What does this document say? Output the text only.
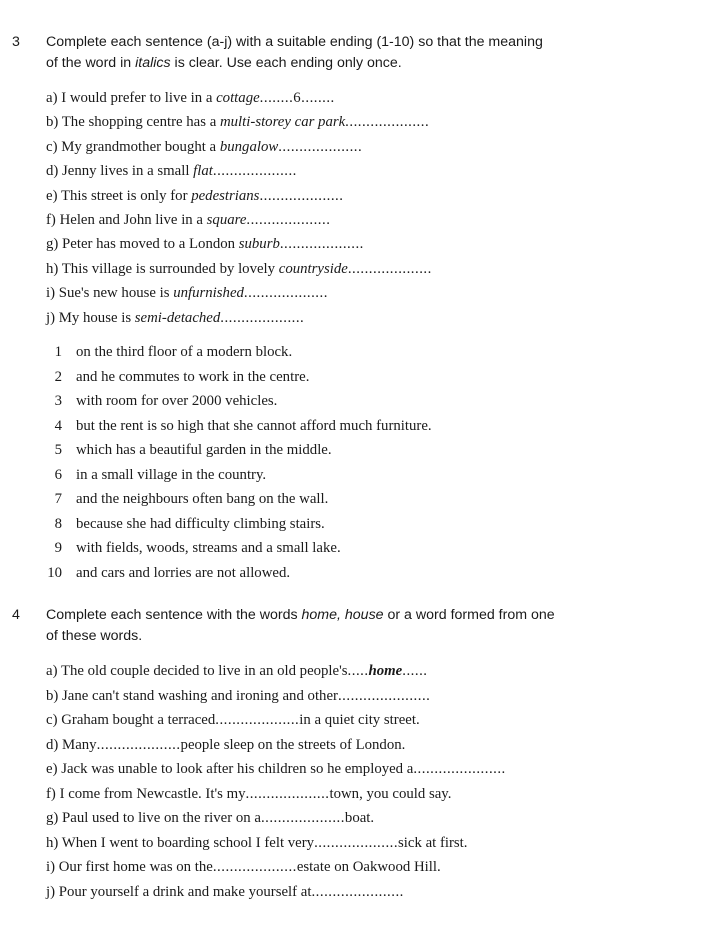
3 Complete each sentence (a-j) with a suitable ending (1-10) so that the meaning
of the word in italics is clear. Use each ending only once.
a) I would prefer to live in a cottage........6........
b) The shopping centre has a multi-storey car park....................
c) My grandmother bought a bungalow....................
d) Jenny lives in a small flat....................
e) This street is only for pedestrians....................
f) Helen and John live in a square....................
g) Peter has moved to a London suburb....................
h) This village is surrounded by lovely countryside....................
i) Sue's new house is unfurnished....................
j) My house is semi-detached....................
1 on the third floor of a modern block.
2 and he commutes to work in the centre.
3 with room for over 2000 vehicles.
4 but the rent is so high that she cannot afford much furniture.
5 which has a beautiful garden in the middle.
6 in a small village in the country.
7 and the neighbours often bang on the wall.
8 because she had difficulty climbing stairs.
9 with fields, woods, streams and a small lake.
10 and cars and lorries are not allowed.
4 Complete each sentence with the words home, house or a word formed from one
of these words.
a) The old couple decided to live in an old people's.....home......
b) Jane can't stand washing and ironing and other......................
c) Graham bought a terraced....................in a quiet city street.
d) Many....................people sleep on the streets of London.
e) Jack was unable to look after his children so he employed a......................
f) I come from Newcastle. It's my....................town, you could say.
g) Paul used to live on the river on a....................boat.
h) When I went to boarding school I felt very....................sick at first.
i) Our first home was on the....................estate on Oakwood Hill.
j) Pour yourself a drink and make yourself at......................
